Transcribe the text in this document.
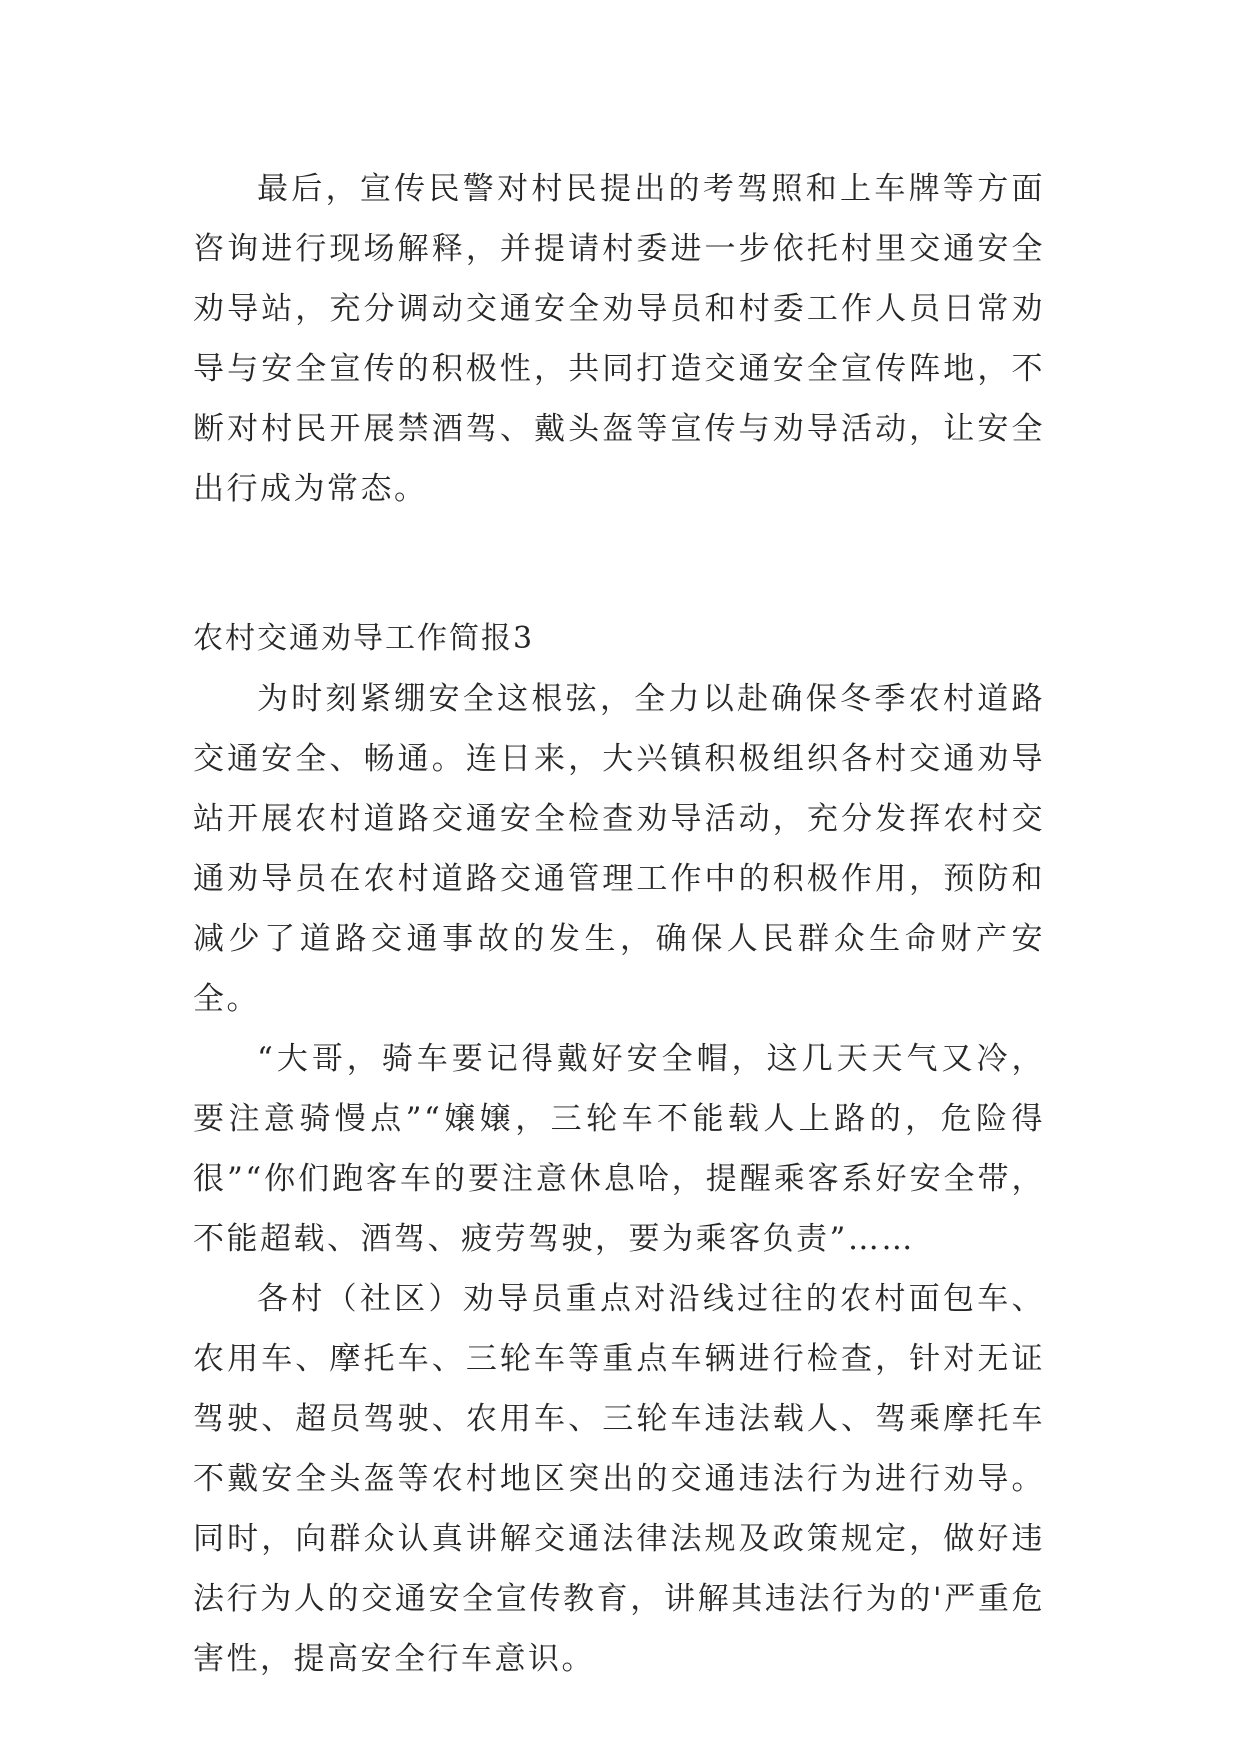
最后，宣传民警对村民提出的考驾照和上车牌等方面咨询进行现场解释，并提请村委进一步依托村里交通安全劝导站，充分调动交通安全劝导员和村委工作人员日常劝导与安全宣传的积极性，共同打造交通安全宣传阵地，不断对村民开展禁酒驾、戴头盔等宣传与劝导活动，让安全出行成为常态。

农村交通劝导工作简报3

为时刻紧绷安全这根弦，全力以赴确保冬季农村道路交通安全、畅通。连日来，大兴镇积极组织各村交通劝导站开展农村道路交通安全检查劝导活动，充分发挥农村交通劝导员在农村道路交通管理工作中的积极作用，预防和减少了道路交通事故的发生，确保人民群众生命财产安全。

“大哥，骑车要记得戴好安全帽，这几天天气又冷，要注意骑慢点”“嬢嬢，三轮车不能载人上路的，危险得很”“你们跑客车的要注意休息哈，提醒乘客系好安全带，不能超载、酒驾、疲劳驾驶，要为乘客负责”……

各村（社区）劝导员重点对沿线过往的农村面包车、农用车、摩托车、三轮车等重点车辆进行检查，针对无证驾驶、超员驾驶、农用车、三轮车违法载人、驾乘摩托车不戴安全头盔等农村地区突出的交通违法行为进行劝导。同时，向群众认真讲解交通法律法规及政策规定，做好违法行为人的交通安全宣传教育，讲解其违法行为的'严重危害性，提高安全行车意识。
